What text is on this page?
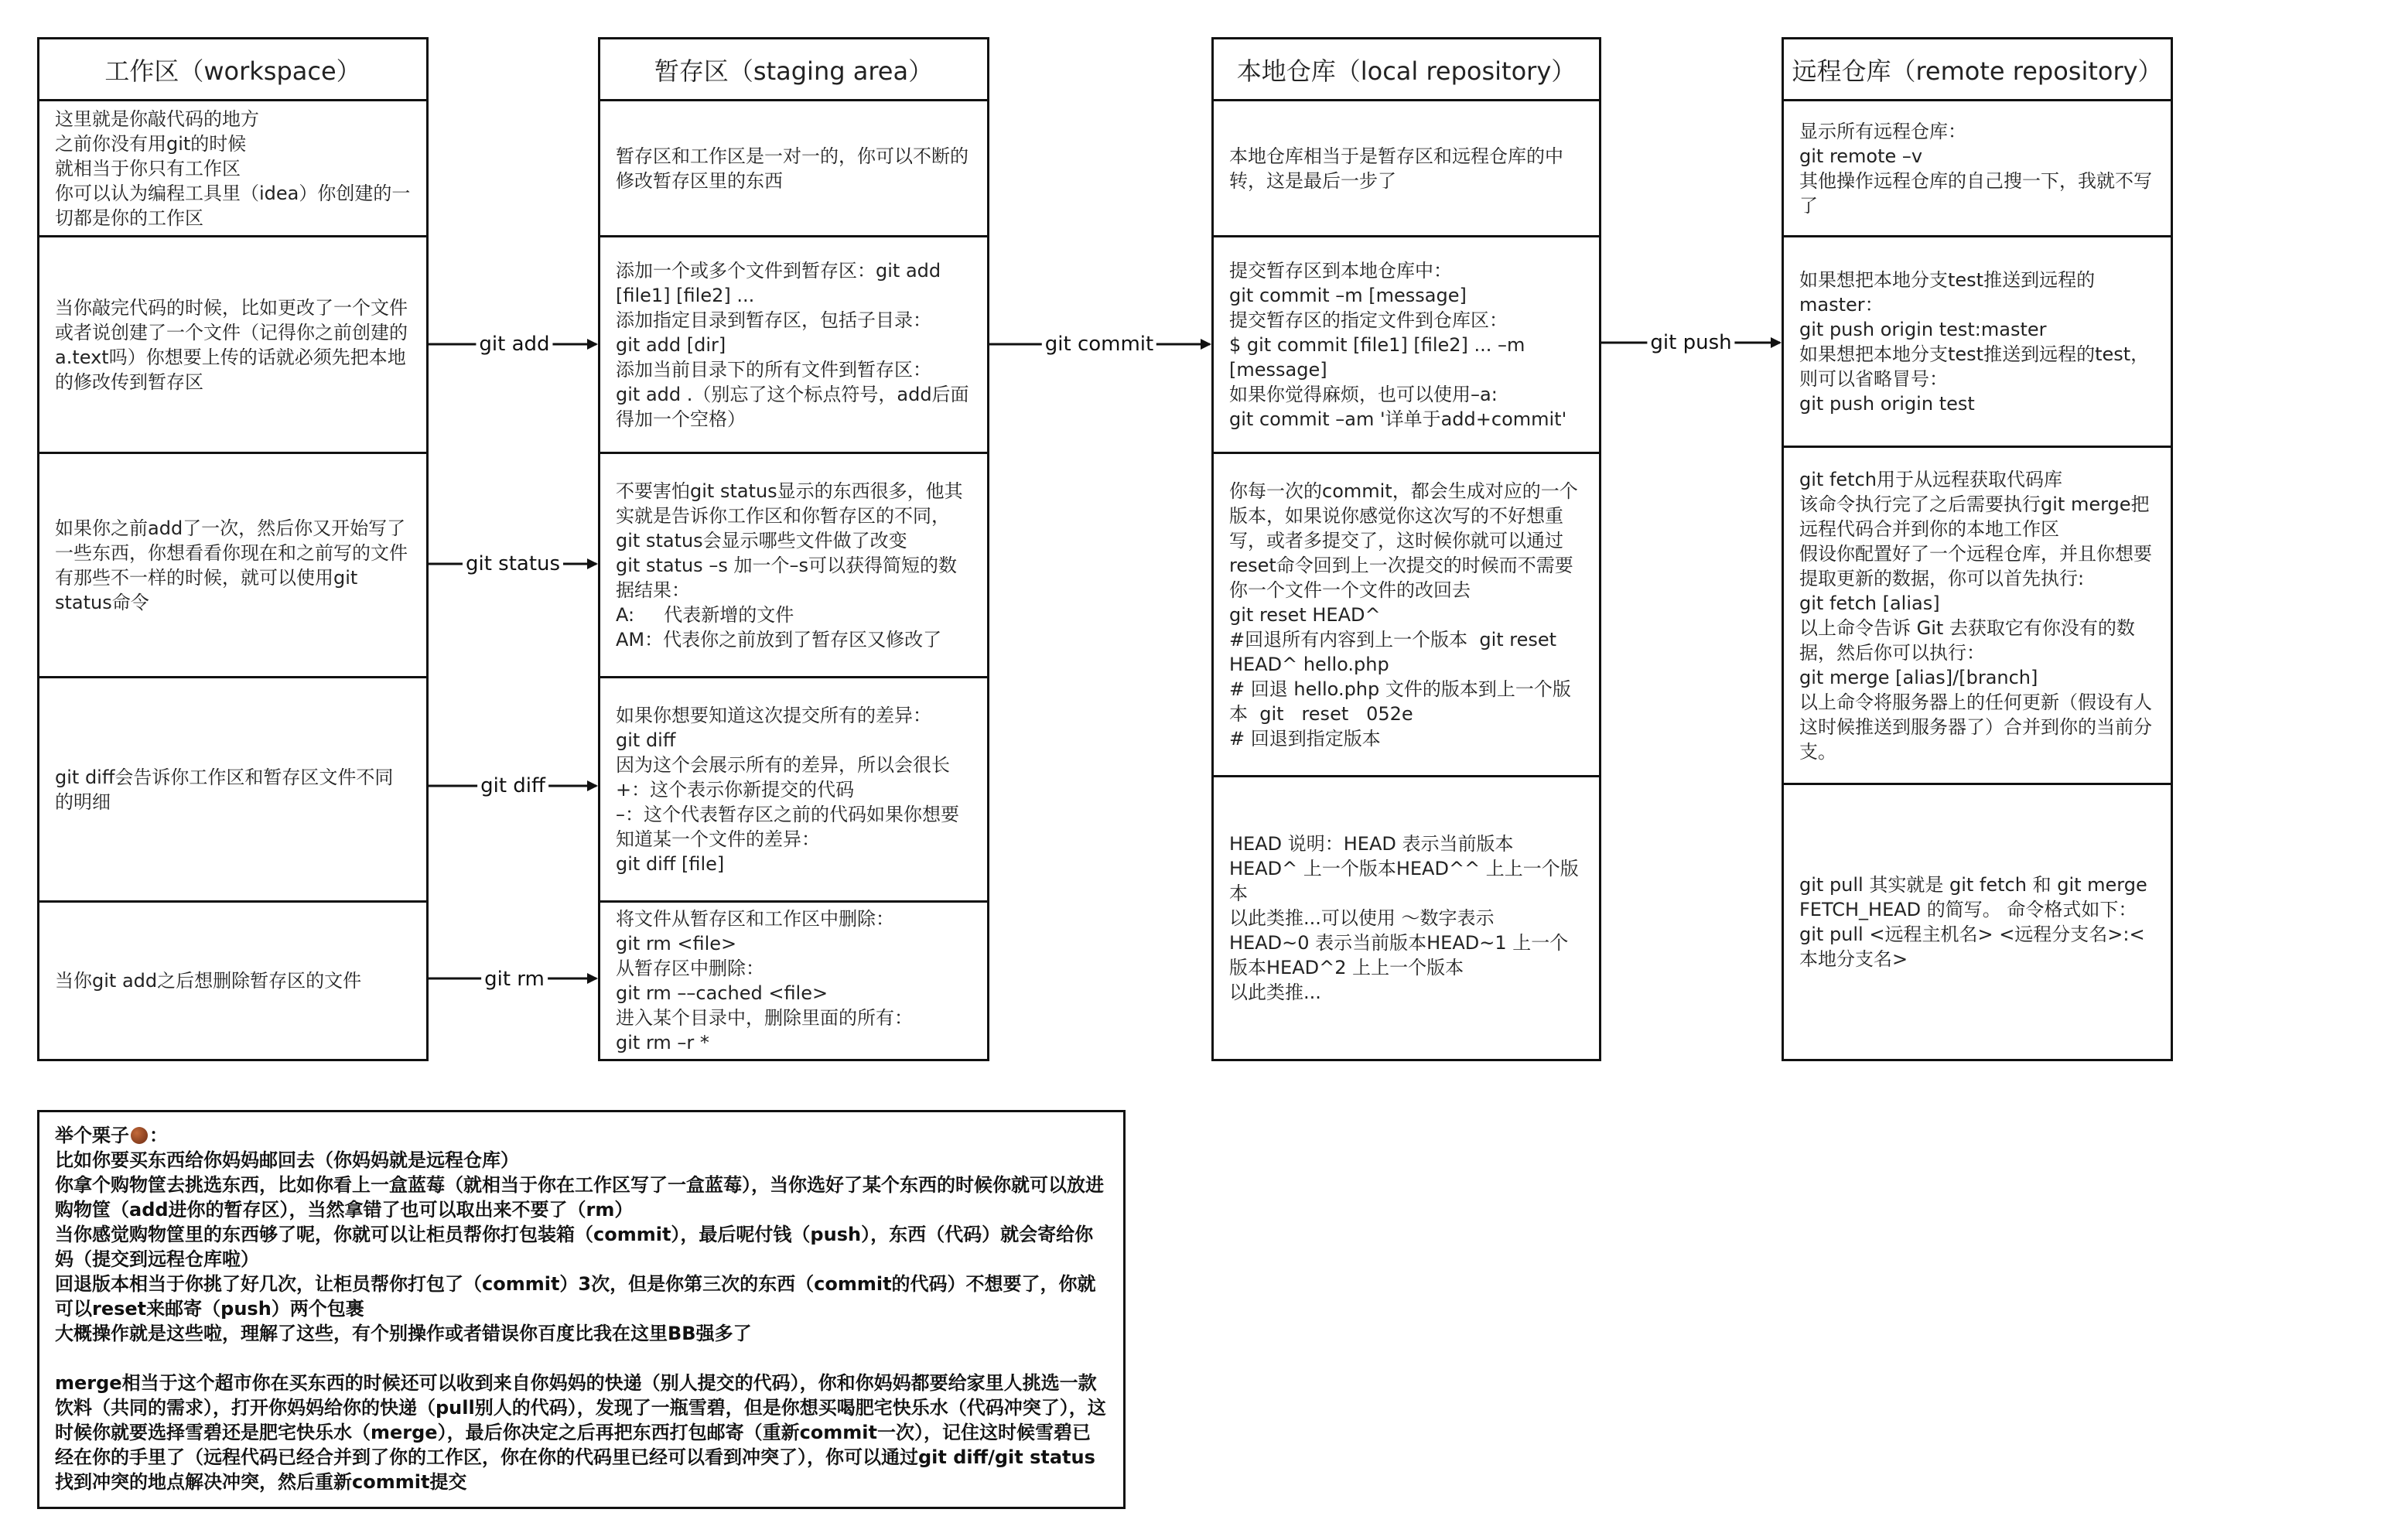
工作区（workspace）
这里就是你敲代码的地方
之前你没有用git的时候
就相当于你只有工作区
你可以认为编程工具里（idea）你创建的一切都是你的工作区
当你敲完代码的时候，比如更改了一个文件或者说创建了一个文件（记得你之前创建的a.text吗）你想要上传的话就必须先把本地的修改传到暂存区
如果你之前add了一次，然后你又开始写了一些东西，你想看看你现在和之前写的文件有那些不一样的时候，就可以使用git status命令
git diff会告诉你工作区和暂存区文件不同的明细
当你git add之后想删除暂存区的文件
暂存区（staging area）
暂存区和工作区是一对一的，你可以不断的修改暂存区里的东西
添加一个或多个文件到暂存区：git add [file1] [file2] ...
添加指定目录到暂存区，包括子目录：
git add [dir]
添加当前目录下的所有文件到暂存区：
git add .（别忘了这个标点符号，add后面得加一个空格）
不要害怕git status显示的东西很多，他其实就是告诉你工作区和你暂存区的不同，git status会显示哪些文件做了改变
git status –s 加一个–s可以获得简短的数据结果：
A:     代表新增的文件
AM：代表你之前放到了暂存区又修改了
如果你想要知道这次提交所有的差异：
git diff
因为这个会展示所有的差异，所以会很长
+：这个表示你新提交的代码
–：这个代表暂存区之前的代码如果你想要知道某一个文件的差异：
git diff [file]
将文件从暂存区和工作区中删除：
git rm <file>
从暂存区中删除：
git rm ––cached <file>
进入某个目录中，删除里面的所有：
git rm –r *
本地仓库（local repository）
本地仓库相当于是暂存区和远程仓库的中转，这是最后一步了
提交暂存区到本地仓库中：
git commit –m [message]
提交暂存区的指定文件到仓库区：
$ git commit [file1] [file2] ... –m [message]
如果你觉得麻烦，也可以使用–a:
git commit –am '详单于add+commit'
你每一次的commit，都会生成对应的一个版本，如果说你感觉你这次写的不好想重写，或者多提交了，这时候你就可以通过reset命令回到上一次提交的时候而不需要你一个文件一个文件的改回去
git reset HEAD^
#回退所有内容到上一个版本  git reset HEAD^ hello.php
# 回退 hello.php 文件的版本到上一个版本  git   reset   052e
# 回退到指定版本
HEAD 说明：HEAD 表示当前版本
HEAD^ 上一个版本HEAD^^ 上上一个版本
以此类推...可以使用 ～数字表示
HEAD~0 表示当前版本HEAD~1 上一个版本HEAD^2 上上一个版本
以此类推...
远程仓库（remote repository）
显示所有远程仓库：
git remote –v
其他操作远程仓库的自己搜一下，我就不写了
如果想把本地分支test推送到远程的master：
git push origin test:master
如果想把本地分支test推送到远程的test，则可以省略冒号：
git push origin test
git fetch用于从远程获取代码库
该命令执行完了之后需要执行git merge把远程代码合并到你的本地工作区
假设你配置好了一个远程仓库，并且你想要提取更新的数据，你可以首先执行:
git fetch [alias]
以上命令告诉 Git 去获取它有你没有的数据，然后你可以执行：
git merge [alias]/[branch]
以上命令将服务器上的任何更新（假设有人这时候推送到服务器了）合并到你的当前分支。
git pull 其实就是 git fetch 和 git merge FETCH_HEAD 的简写。 命令格式如下：
git pull <远程主机名> <远程分支名>:<本地分支名>
git add
git status
git diff
git rm
git commit	git push
举个栗子 ：
比如你要买东西给你妈妈邮回去（你妈妈就是远程仓库）
你拿个购物筐去挑选东西，比如你看上一盒蓝莓（就相当于你在工作区写了一盒蓝莓），当你选好了某个东西的时候你就可以放进购物筐（add进你的暂存区），当然拿错了也可以取出来不要了（rm）
当你感觉购物筐里的东西够了呢，你就可以让柜员帮你打包装箱（commit），最后呢付钱（push），东西（代码）就会寄给你妈（提交到远程仓库啦）
回退版本相当于你挑了好几次，让柜员帮你打包了（commit）3次，但是你第三次的东西（commit的代码）不想要了，你就可以reset来邮寄（push）两个包裹
大概操作就是这些啦，理解了这些，有个别操作或者错误你百度比我在这里BB强多了
merge相当于这个超市你在买东西的时候还可以收到来自你妈妈的快递（别人提交的代码），你和你妈妈都要给家里人挑选一款饮料（共同的需求），打开你妈妈给你的快递（pull别人的代码），发现了一瓶雪碧，但是你想买喝肥宅快乐水（代码冲突了），这时候你就要选择雪碧还是肥宅快乐水（merge），最后你决定之后再把东西打包邮寄（重新commit一次），记住这时候雪碧已经在你的手里了（远程代码已经合并到了你的工作区，你在你的代码里已经可以看到冲突了），你可以通过git diff/git status找到冲突的地点解决冲突，然后重新commit提交
